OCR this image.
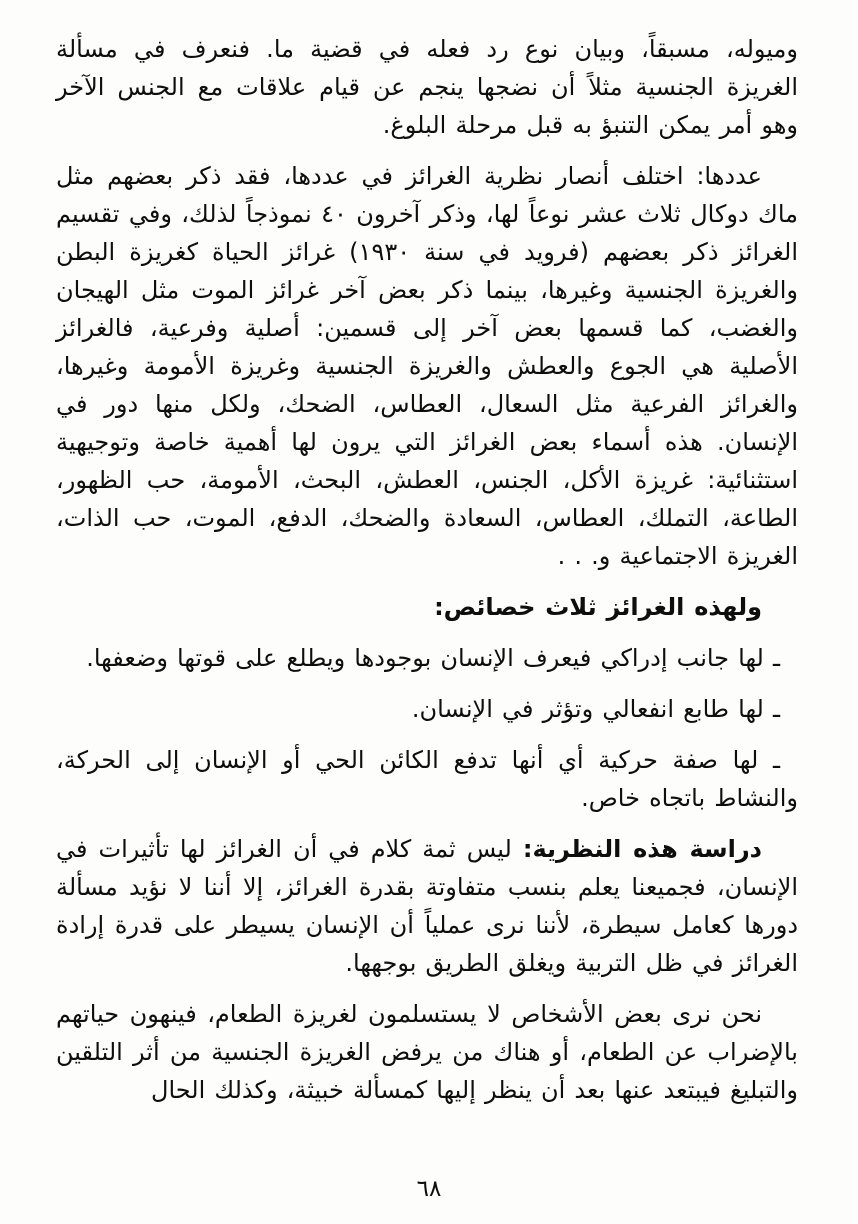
وميوله، مسبقاً، وبيان نوع رد فعله في قضية ما. فنعرف في مسألة الغريزة الجنسية مثلاً أن نضجها ينجم عن قيام علاقات مع الجنس الآخر وهو أمر يمكن التنبؤ به قبل مرحلة البلوغ.

عددها: اختلف أنصار نظرية الغرائز في عددها، فقد ذكر بعضهم مثل ماك دوكال ثلاث عشر نوعاً لها، وذكر آخرون ٤٠ نموذجاً لذلك، وفي تقسيم الغرائز ذكر بعضهم (فرويد في سنة ١٩٣٠) غرائز الحياة كغريزة البطن والغريزة الجنسية وغيرها، بينما ذكر بعض آخر غرائز الموت مثل الهيجان والغضب، كما قسمها بعض آخر إلى قسمين: أصلية وفرعية، فالغرائز الأصلية هي الجوع والعطش والغريزة الجنسية وغريزة الأمومة وغيرها، والغرائز الفرعية مثل السعال، العطاس، الضحك، ولكل منها دور في الإنسان. هذه أسماء بعض الغرائز التي يرون لها أهمية خاصة وتوجيهية استثنائية: غريزة الأكل، الجنس، العطش، البحث، الأمومة، حب الظهور، الطاعة، التملك، العطاس، السعادة والضحك، الدفع، الموت، حب الذات، الغريزة الاجتماعية و. . .

ولهذه الغرائز ثلاث خصائص:

ـ لها جانب إدراكي فيعرف الإنسان بوجودها ويطلع على قوتها وضعفها.

ـ لها طابع انفعالي وتؤثر في الإنسان.

ـ لها صفة حركية أي أنها تدفع الكائن الحي أو الإنسان إلى الحركة، والنشاط باتجاه خاص.

دراسة هذه النظرية: ليس ثمة كلام في أن الغرائز لها تأثيرات في الإنسان، فجميعنا يعلم بنسب متفاوتة بقدرة الغرائز، إلا أننا لا نؤيد مسألة دورها كعامل سيطرة، لأننا نرى عملياً أن الإنسان يسيطر على قدرة إرادة الغرائز في ظل التربية ويغلق الطريق بوجهها.

نحن نرى بعض الأشخاص لا يستسلمون لغريزة الطعام، فينهون حياتهم بالإضراب عن الطعام، أو هناك من يرفض الغريزة الجنسية من أثر التلقين والتبليغ فيبتعد عنها بعد أن ينظر إليها كمسألة خبيثة، وكذلك الحال

٦٨
